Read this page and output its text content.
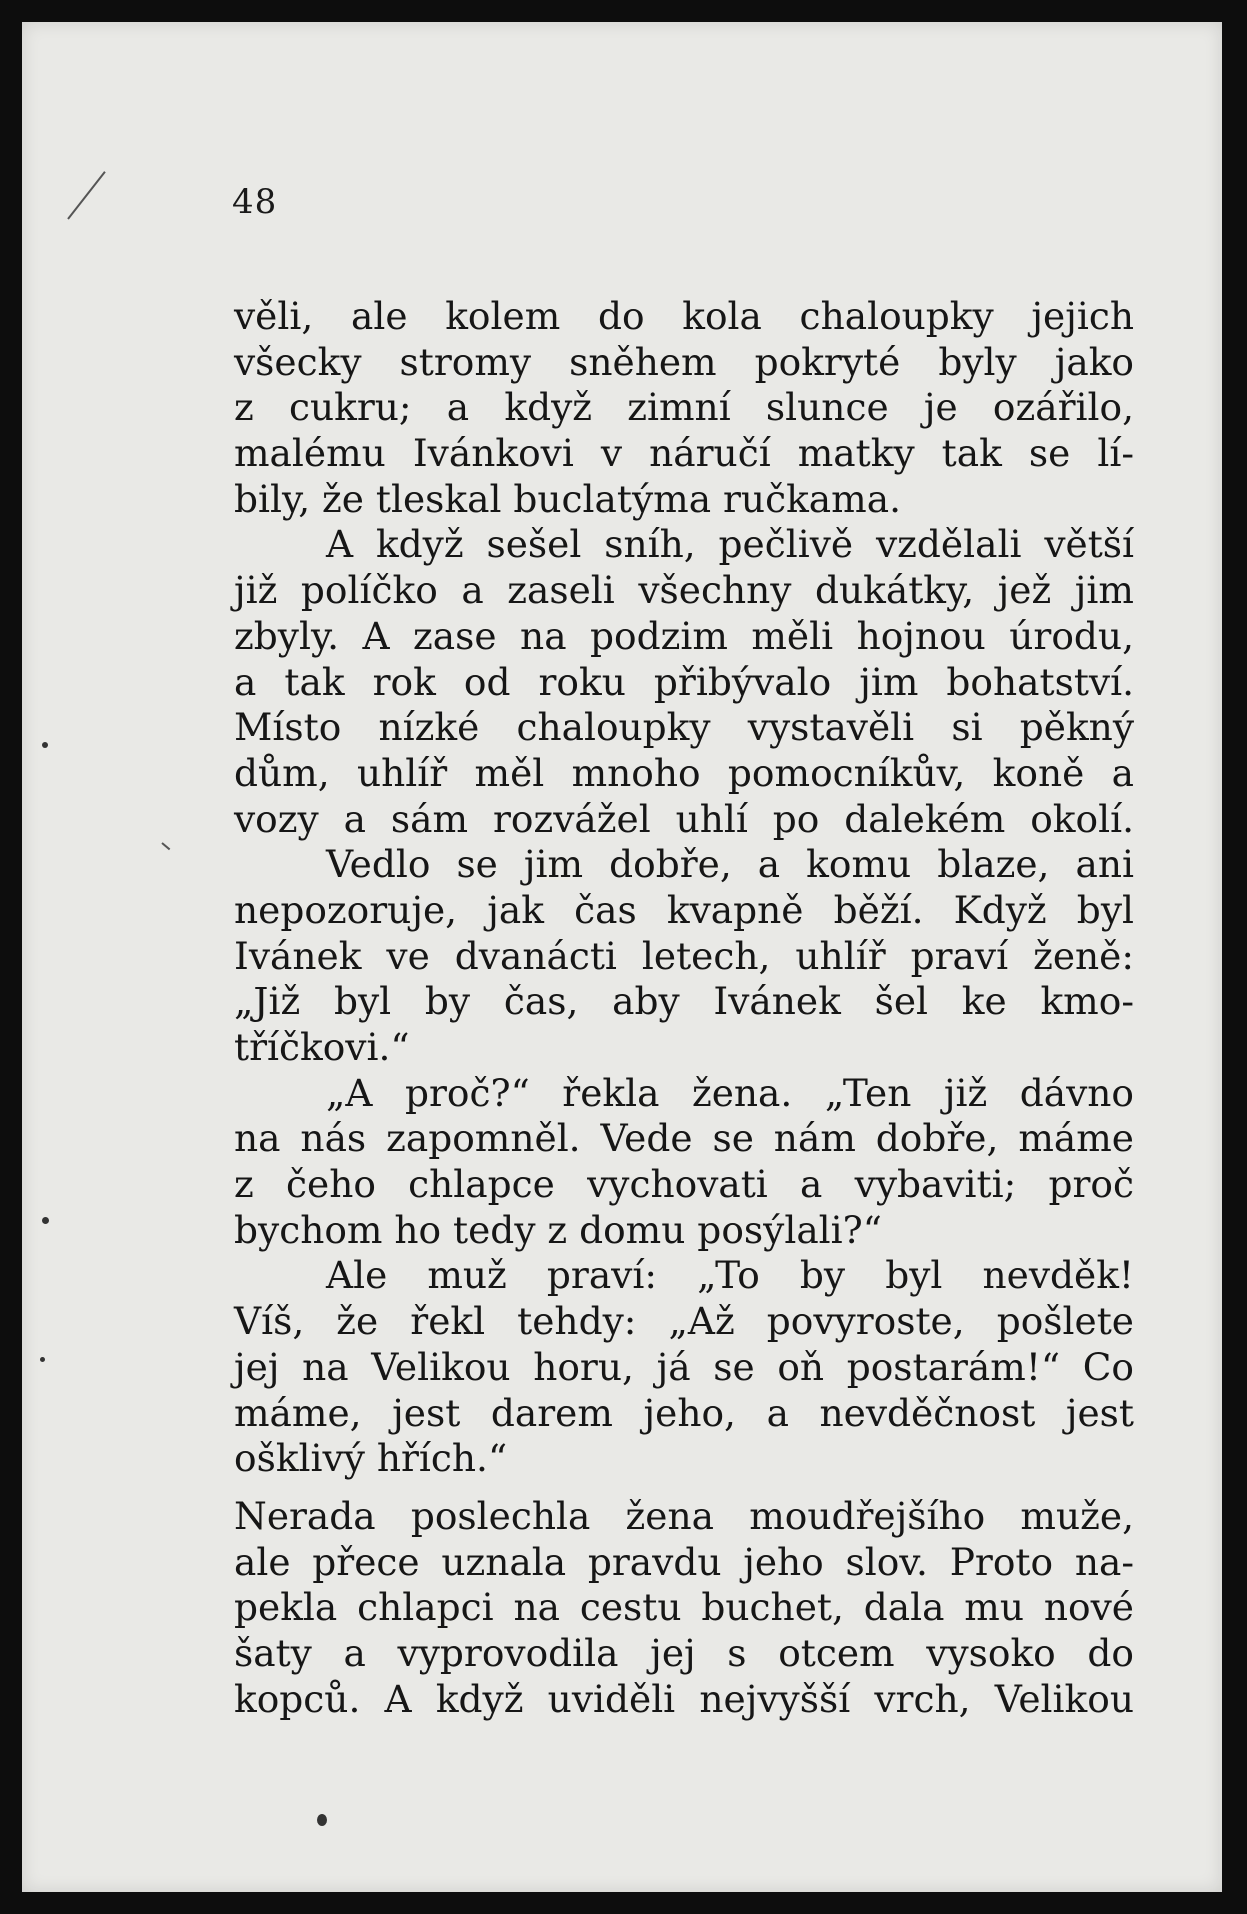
48
věli, ale kolem do kola chaloupky jejich
všecky stromy sněhem pokryté byly jako
z cukru; a když zimní slunce je ozářilo,
malému Ivánkovi v náručí matky tak se lí-
bily, že tleskal buclatýma ručkama.
A když sešel sníh, pečlivě vzdělali větší
již políčko a zaseli všechny dukátky, jež jim
zbyly. A zase na podzim měli hojnou úrodu,
a tak rok od roku přibývalo jim bohatství.
Místo nízké chaloupky vystavěli si pěkný
dům, uhlíř měl mnoho pomocníkův, koně a
vozy a sám rozvážel uhlí po dalekém okolí.
Vedlo se jim dobře, a komu blaze, ani
nepozoruje, jak čas kvapně běží. Když byl
Ivánek ve dvanácti letech, uhlíř praví ženě:
„Již byl by čas, aby Ivánek šel ke kmo-
tříčkovi.“
„A proč?“ řekla žena. „Ten již dávno
na nás zapomněl. Vede se nám dobře, máme
z čeho chlapce vychovati a vybaviti; proč
bychom ho tedy z domu posýlali?“
Ale muž praví: „To by byl nevděk!
Víš, že řekl tehdy: „Až povyroste, pošlete
jej na Velikou horu, já se oň postarám!“ Co
máme, jest darem jeho, a nevděčnost jest
ošklivý hřích.“
Nerada poslechla žena moudřejšího muže,
ale přece uznala pravdu jeho slov. Proto na-
pekla chlapci na cestu buchet, dala mu nové
šaty a vyprovodila jej s otcem vysoko do
kopců. A když uviděli nejvyšší vrch, Velikou
